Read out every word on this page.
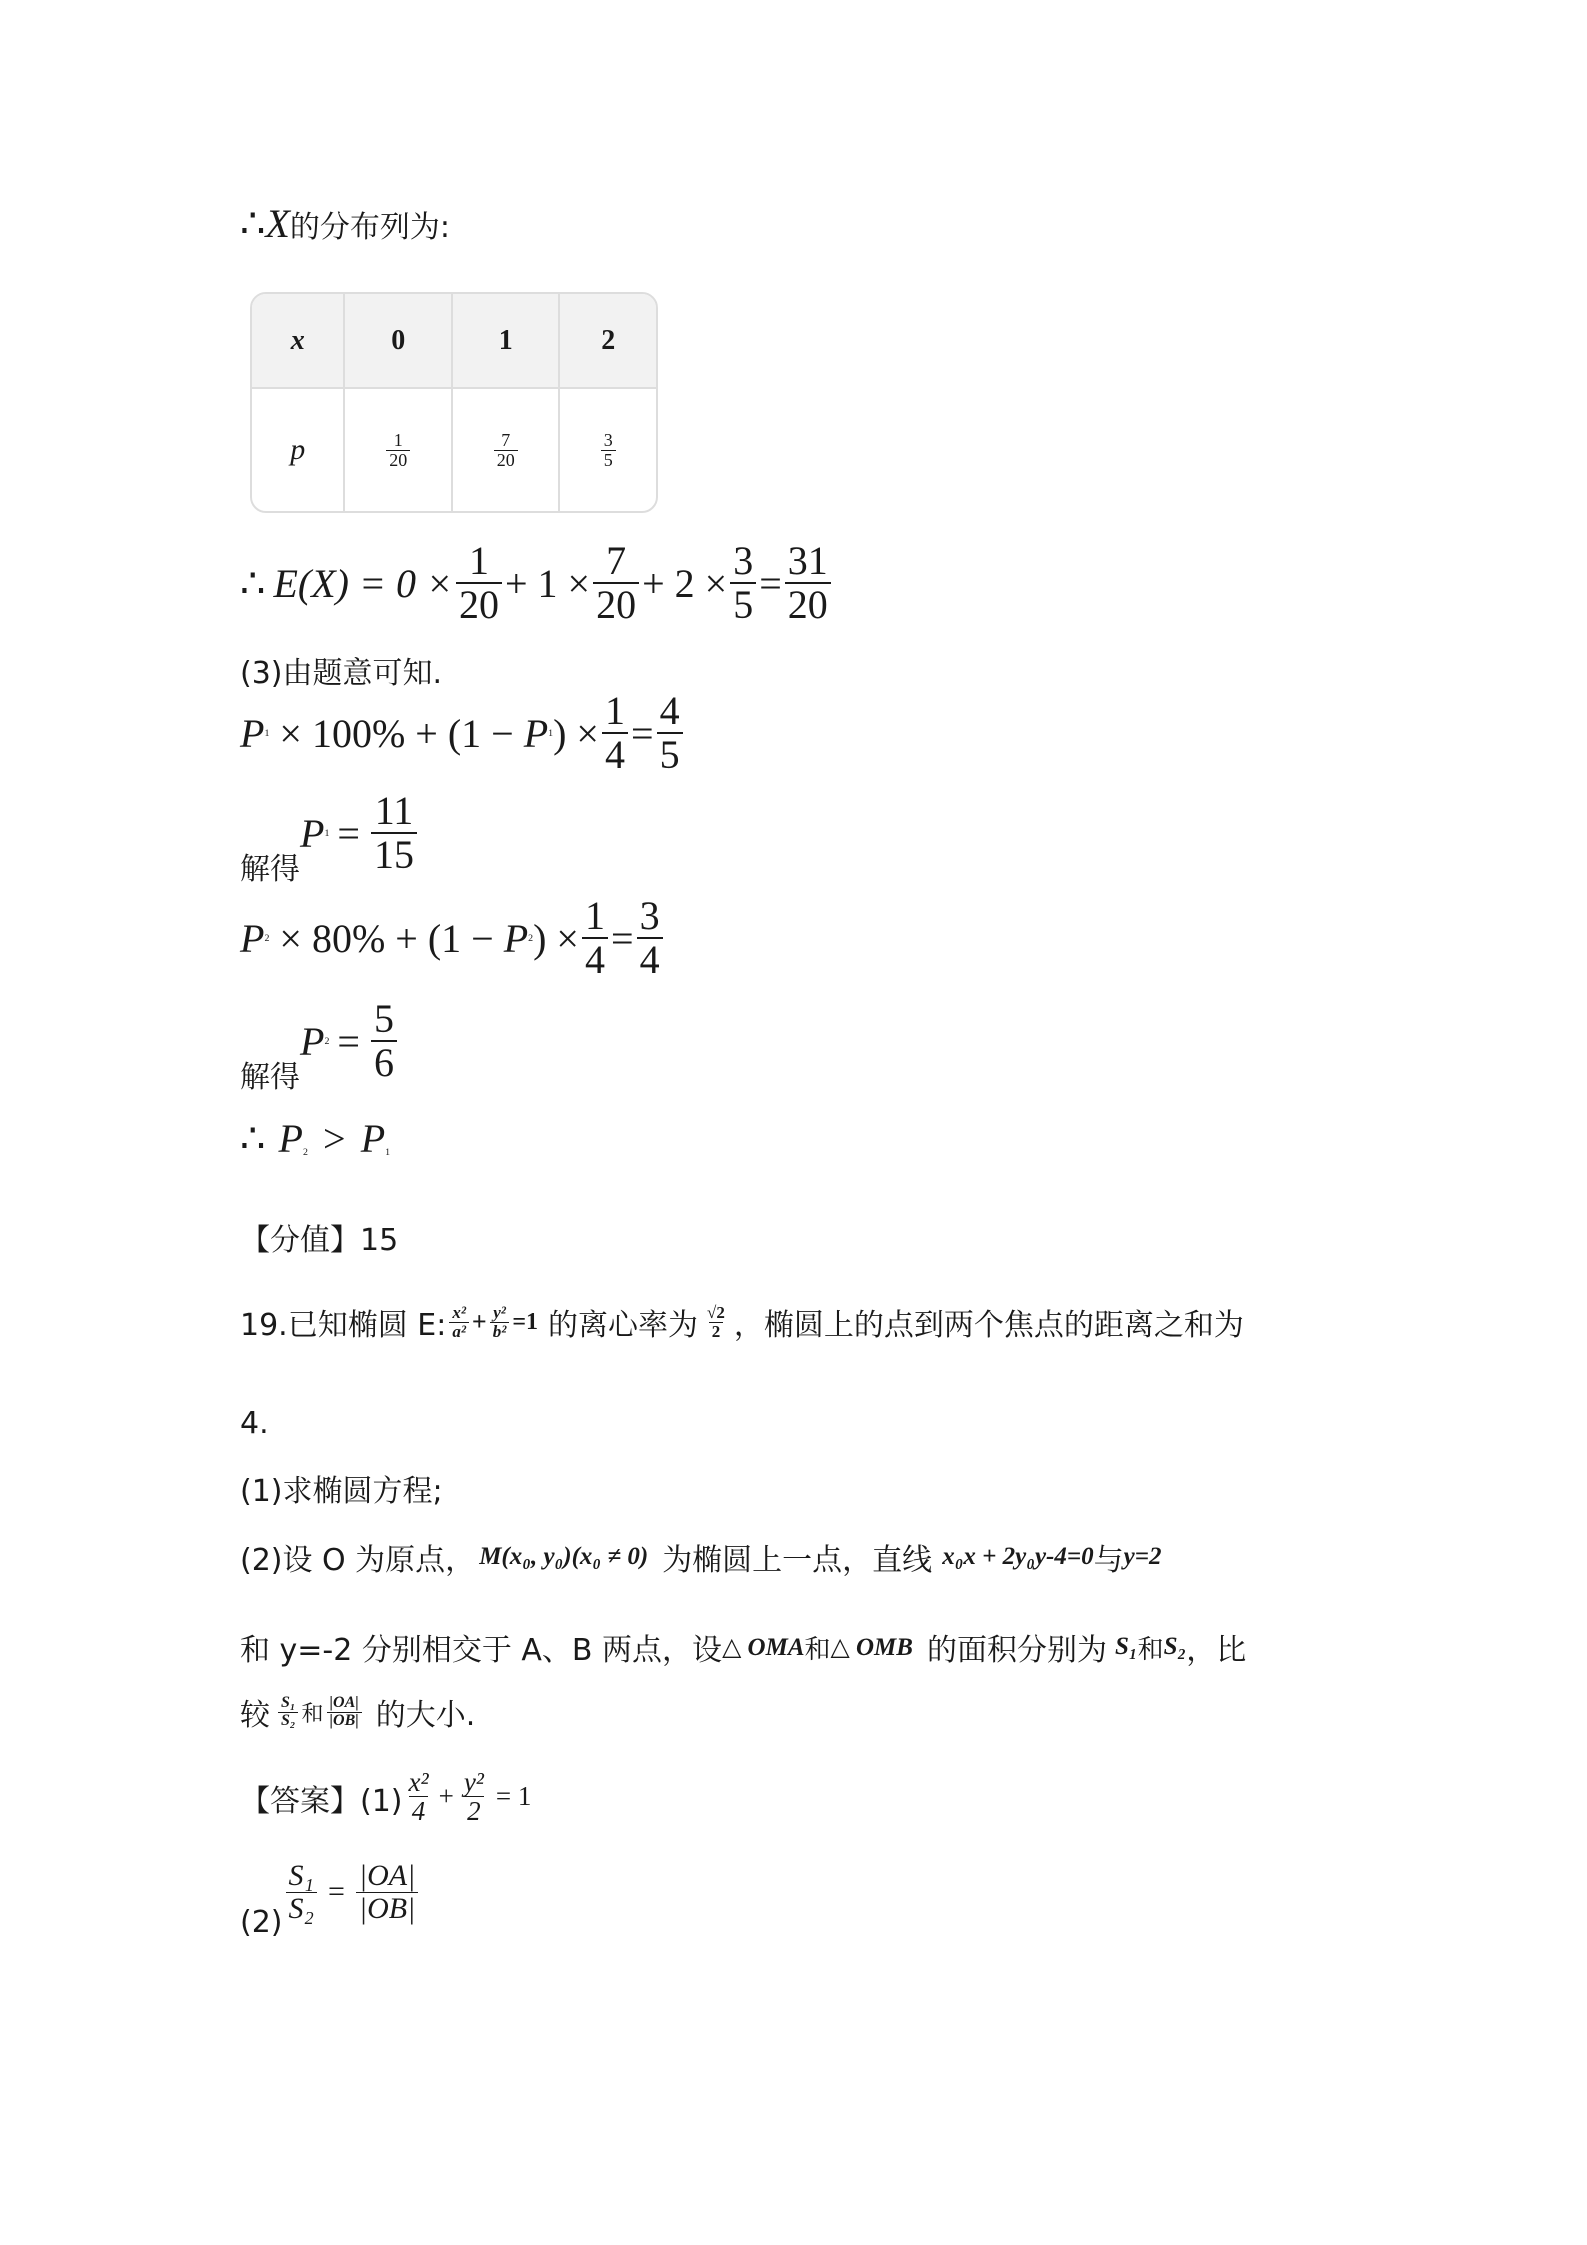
∴X的分布列为:
x	0	1	2
p	$\frac{1}{20}$	$\frac{7}{20}$	$\frac{3}{5}$
∴ $E(X) = 0 \times \frac{1}{20} + 1 \times \frac{7}{20} + 2 \times \frac{3}{5} = \frac{31}{20}$
(3)由题意可知.
P 1 × 100% + (1 − P 1 ) × $\frac{1}{4} = \frac{4}{5}$
解得
P $1 = \frac{11}{15}$
P 2 × 80% + (1 − P 2 ) × $\frac{1}{4} = \frac{3}{4}$
解得
P $2 = \frac{5}{6}$
∴ $P_2 > P_1$
【分值】15
19.已知椭圆 E: $\frac{\text{x²}}{\text{a²}} + \frac{\text{y²}}{\text{b²}} =1$ 的离心率为 $\frac{√2}{2}$ ，椭圆上的点到两个焦点的距离之和为
4.
(1)求椭圆方程;
(2)设 O 为原点， M(x₀, y₀)(x₀ ≠ 0) 为椭圆上一点，直线 x₀x + 2y₀y-4=0 与 y=2
和 y=-2 分别相交于 A、B 两点，设 △ OMA 和 △ OMB 的面积分别为 S₁ 和 S₂ ，比
较 $\frac{\text{S₁}}{\text{S₂}}$ 和 $\frac{|OA|}{|OB|}$ 的大小.
【答案】$(1) \frac{\text{x²}}{4} + \frac{\text{y²}}{2} = 1$
$(2) \frac{\text{S₁}}{\text{S₂}} = \frac{|OA|}{|OB|}$
